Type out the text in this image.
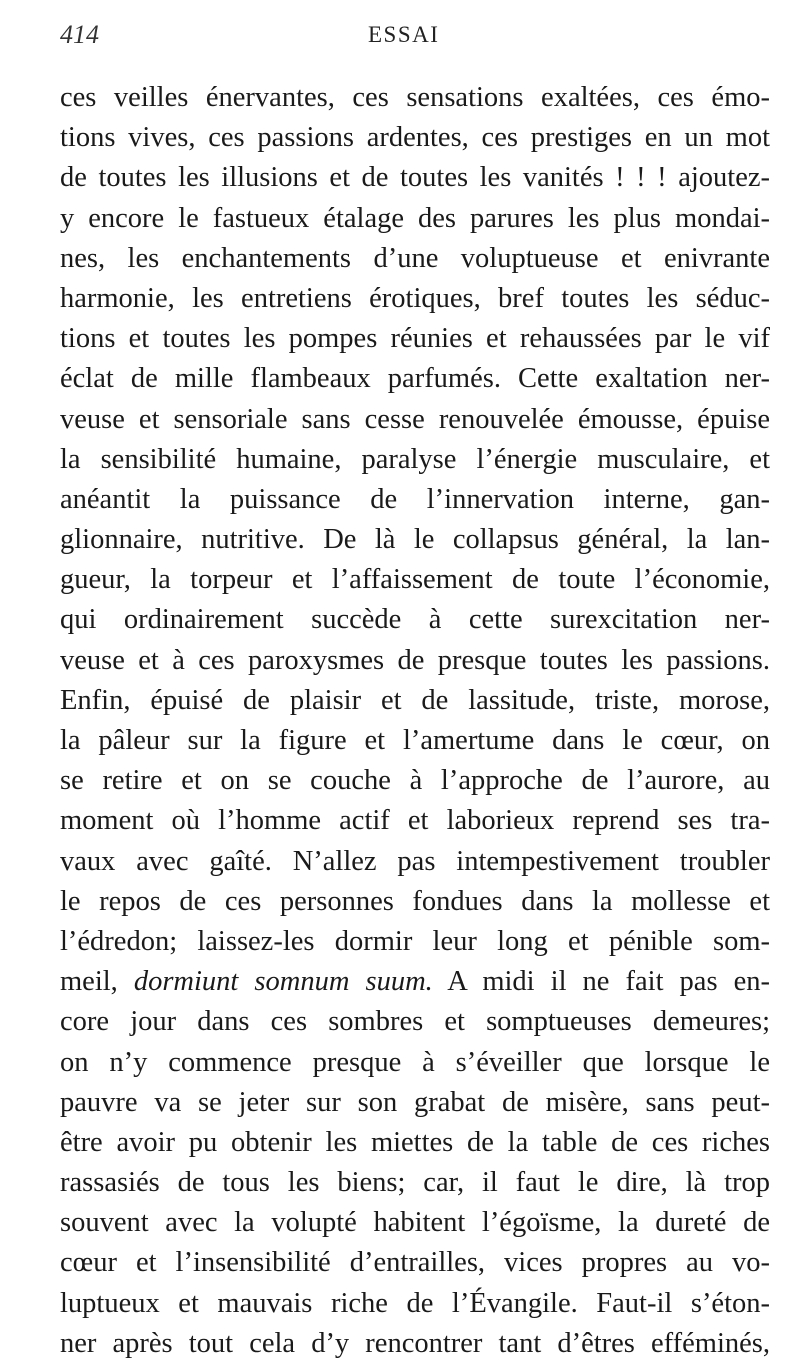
414	ESSAI
ces veilles énervantes, ces sensations exaltées, ces émo-
tions vives, ces passions ardentes, ces prestiges en un mot
de toutes les illusions et de toutes les vanités ! ! ! ajoutez-
y encore le fastueux étalage des parures les plus mondai-
nes, les enchantements d’une voluptueuse et enivrante
harmonie, les entretiens érotiques, bref toutes les séduc-
tions et toutes les pompes réunies et rehaussées par le vif
éclat de mille flambeaux parfumés. Cette exaltation ner-
veuse et sensoriale sans cesse renouvelée émousse, épuise
la sensibilité humaine, paralyse l’énergie musculaire, et
anéantit la puissance de l’innervation interne, gan-
glionnaire, nutritive. De là le collapsus général, la lan-
gueur, la torpeur et l’affaissement de toute l’économie,
qui ordinairement succède à cette surexcitation ner-
veuse et à ces paroxysmes de presque toutes les passions.
Enfin, épuisé de plaisir et de lassitude, triste, morose,
la pâleur sur la figure et l’amertume dans le cœur, on
se retire et on se couche à l’approche de l’aurore, au
moment où l’homme actif et laborieux reprend ses tra-
vaux avec gaîté. N’allez pas intempestivement troubler
le repos de ces personnes fondues dans la mollesse et
l’édredon; laissez-les dormir leur long et pénible som-
meil, dormiunt somnum suum. A midi il ne fait pas en-
core jour dans ces sombres et somptueuses demeures;
on n’y commence presque à s’éveiller que lorsque le
pauvre va se jeter sur son grabat de misère, sans peut-
être avoir pu obtenir les miettes de la table de ces riches
rassasiés de tous les biens; car, il faut le dire, là trop
souvent avec la volupté habitent l’égoïsme, la dureté de
cœur et l’insensibilité d’entrailles, vices propres au vo-
luptueux et mauvais riche de l’Évangile. Faut-il s’éton-
ner après tout cela d’y rencontrer tant d’êtres efféminés,
